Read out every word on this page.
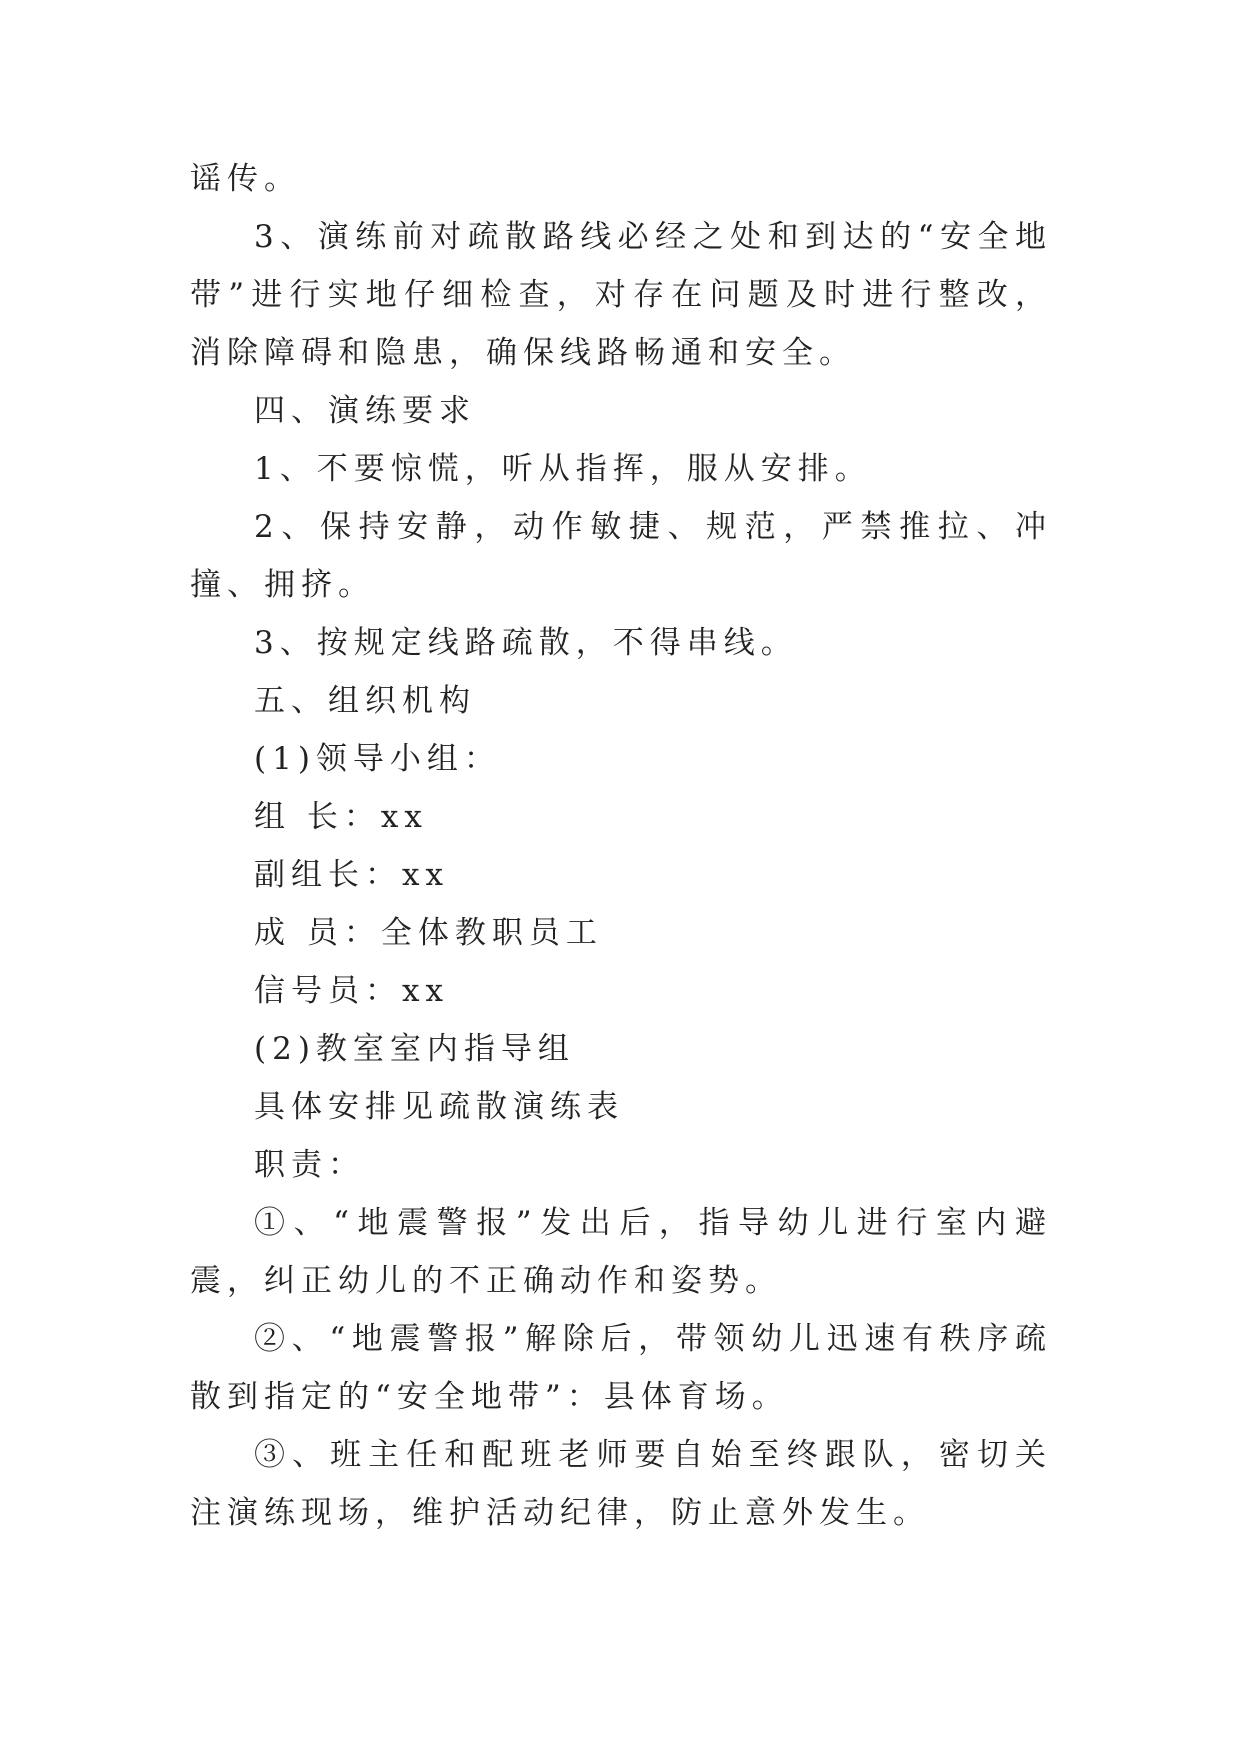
谣传。

3、演练前对疏散路线必经之处和到达的“安全地带”进行实地仔细检查，对存在问题及时进行整改，消除障碍和隐患，确保线路畅通和安全。

四、演练要求

1、不要惊慌，听从指挥，服从安排。

2、保持安静，动作敏捷、规范，严禁推拉、冲撞、拥挤。

3、按规定线路疏散，不得串线。

五、组织机构

(1)领导小组：

组 长：xx

副组长：xx

成 员：全体教职员工

信号员：xx

(2)教室室内指导组

具体安排见疏散演练表

职责：

①、“地震警报”发出后，指导幼儿进行室内避震，纠正幼儿的不正确动作和姿势。

②、“地震警报”解除后，带领幼儿迅速有秩序疏散到指定的“安全地带”：县体育场。

③、班主任和配班老师要自始至终跟队，密切关注演练现场，维护活动纪律，防止意外发生。
